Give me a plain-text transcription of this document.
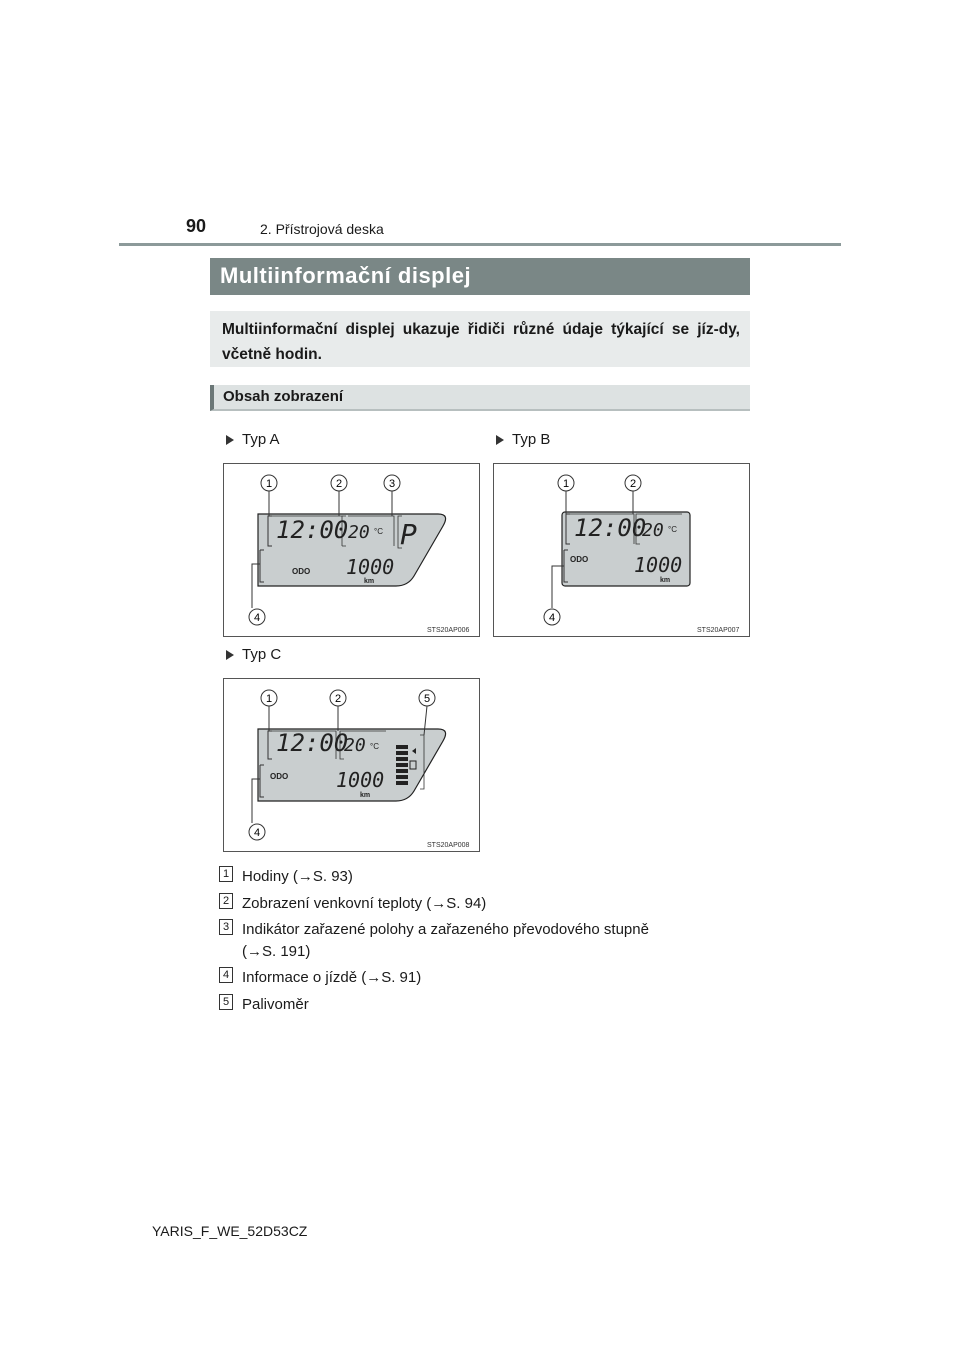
90	2. Přístrojová deska
Multiinformační displej
Multiinformační displej ukazuje řidiči různé údaje týkající se jíz-dy, včetně hodin.
Obsah zobrazení
Typ A	Typ B
Typ C
12:00 20 °C P
ODO 1000
km
1	2	3
4
STS20AP006
12:00
20 °C
ODO 1000
km
1	2
4
STS20AP007
12:00
20 °C
ODO 1000
km
1	2	5
4
STS20AP008
1 Hodiny (→S. 93)
2 Zobrazení venkovní teploty (→S. 94)
3 Indikátor zařazené polohy a zařazeného převodového stupně
(→S. 191)
4 Informace o jízdě (→S. 91)
5 Palivoměr
YARIS_F_WE_52D53CZ
